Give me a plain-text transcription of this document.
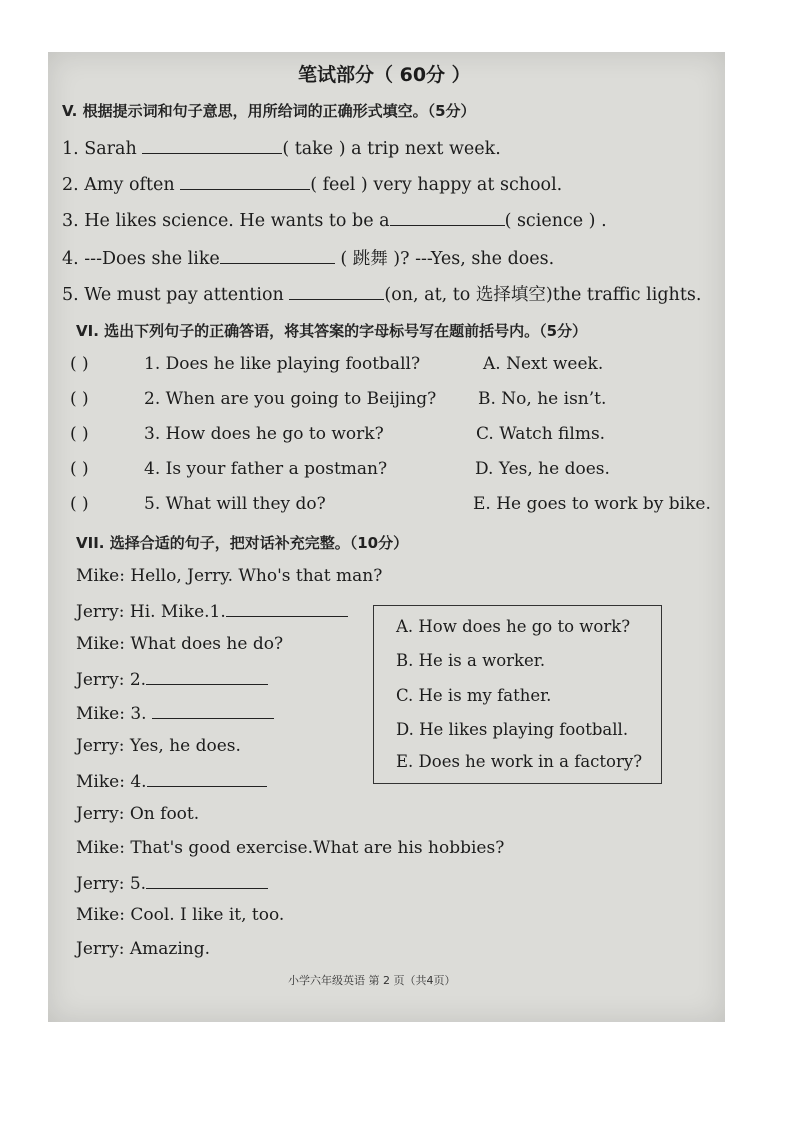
笔试部分（ 60分 ）
V. 根据提示词和句子意思，用所给词的正确形式填空。（5分）
1. Sarah	( take ) a trip next week.
2. Amy often	( feel ) very happy at school.
3. He likes science. He wants to be a	( science ) .
4. ---Does she like	( 跳舞 )? ---Yes, she does.
5. We must pay attention	(on, at, to 选择填空)the traffic lights.
VI. 选出下列句子的正确答语，将其答案的字母标号写在题前括号内。（5分）
( )	1. Does he like playing football?	A. Next week.
( )	2. When are you going to Beijing? B. No, he isn’t.
( )	3. How does he go to work?	C. Watch films.
( )	4. Is your father a postman?	D. Yes, he does.
( )	5. What will they do?	E. He goes to work by bike.
VII. 选择合适的句子，把对话补充完整。（10分）
Mike: Hello, Jerry. Who's that man?
Jerry: Hi. Mike.1.
Mike: What does he do?
Jerry: 2.
Mike: 3.
Jerry: Yes, he does.
Mike: 4.
Jerry: On foot.
Mike: That's good exercise.What are his hobbies?
Jerry: 5.
Mike: Cool. I like it, too.
Jerry: Amazing.
A. How does he go to work?
B. He is a worker.
C. He is my father.
D. He likes playing football.
E. Does he work in a factory?
小学六年级英语 第 2 页（共4页）
